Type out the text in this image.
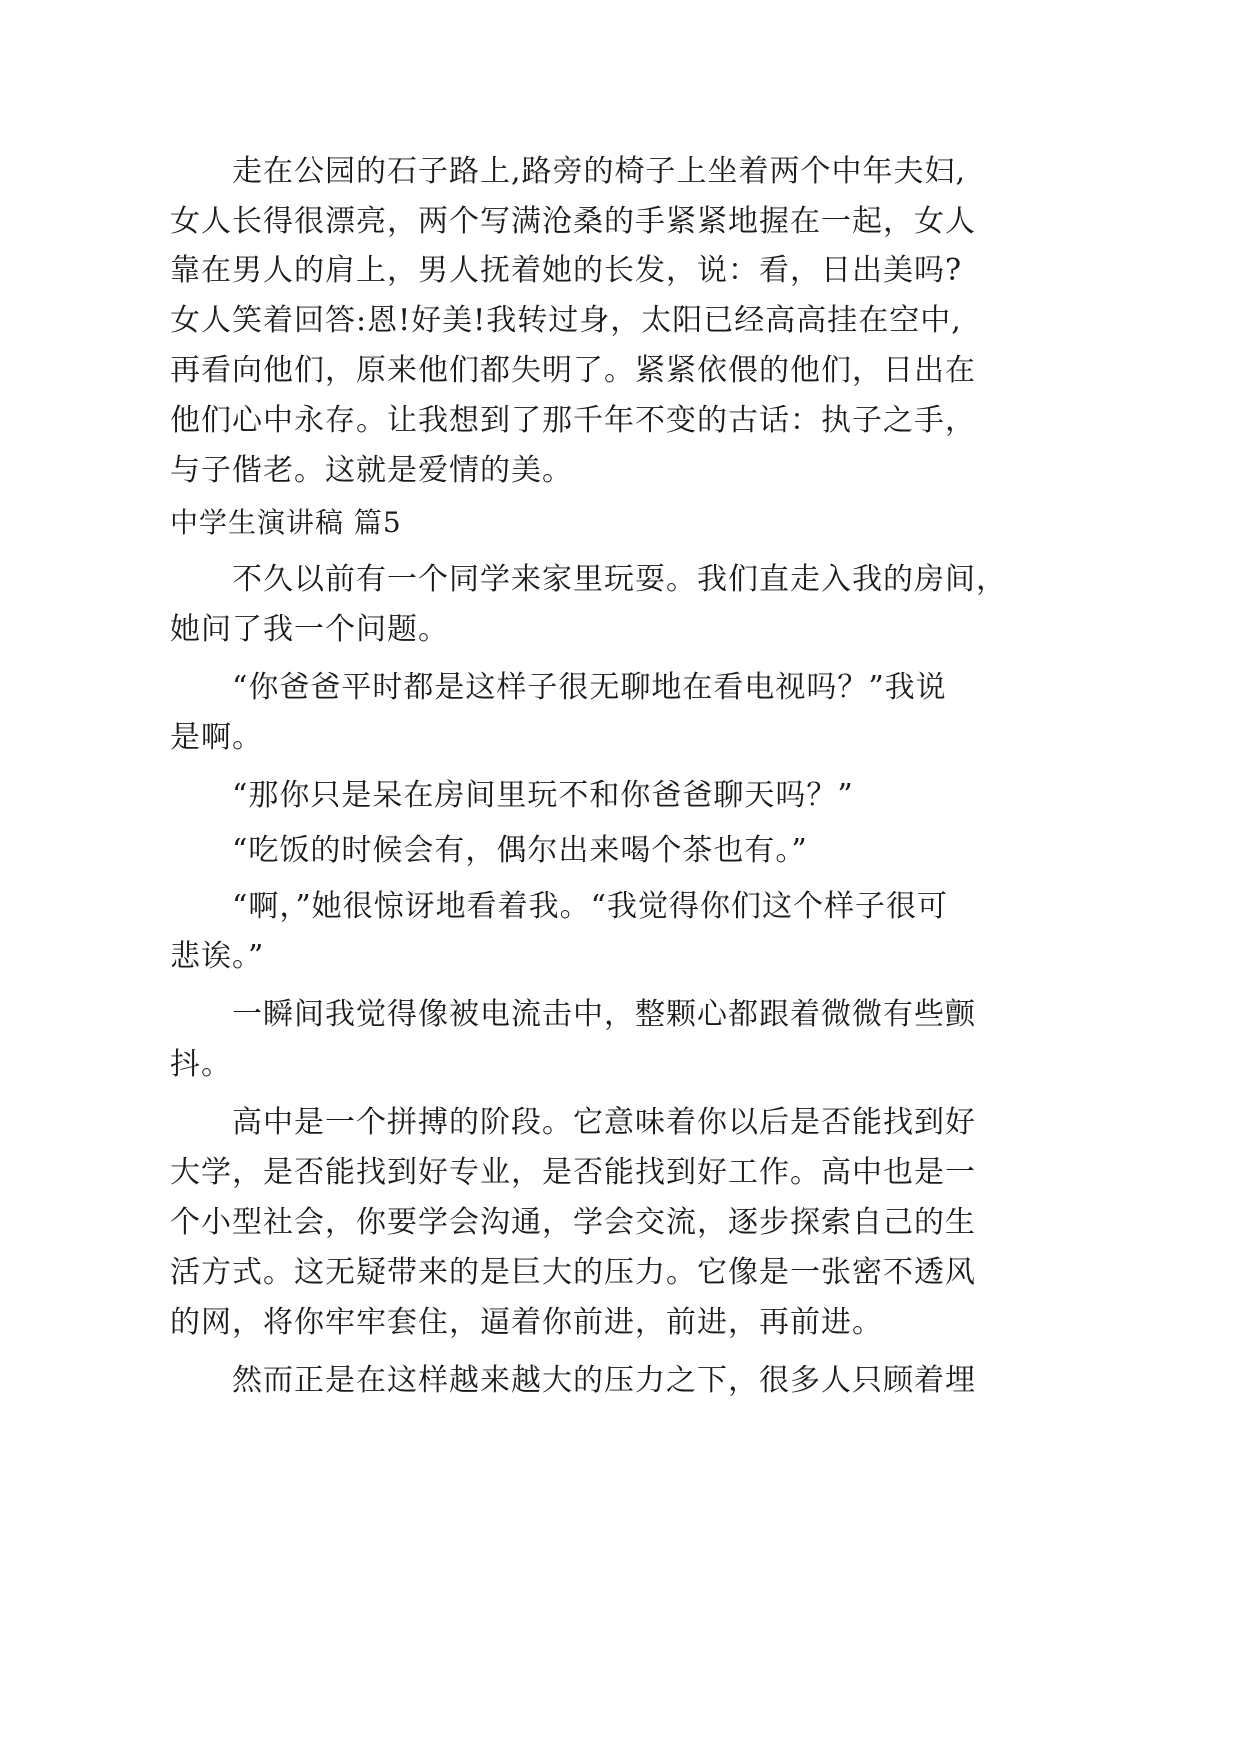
走在公园的石子路上,路旁的椅子上坐着两个中年夫妇,
女人长得很漂亮，两个写满沧桑的手紧紧地握在一起，女人
靠在男人的肩上，男人抚着她的长发，说：看，日出美吗?
女人笑着回答:恩!好美!我转过身，太阳已经高高挂在空中,
再看向他们，原来他们都失明了。紧紧依偎的他们，日出在
他们心中永存。让我想到了那千年不变的古话：执子之手，
与子偕老。这就是爱情的美。
中学生演讲稿 篇5
不久以前有一个同学来家里玩耍。我们直走入我的房间，
她问了我一个问题。
“你爸爸平时都是这样子很无聊地在看电视吗？”我说
是啊。
“那你只是呆在房间里玩不和你爸爸聊天吗？”
“吃饭的时候会有，偶尔出来喝个茶也有。”
“啊，”她很惊讶地看着我。“我觉得你们这个样子很可
悲诶。”
一瞬间我觉得像被电流击中，整颗心都跟着微微有些颤
抖。
高中是一个拼搏的阶段。它意味着你以后是否能找到好
大学，是否能找到好专业，是否能找到好工作。高中也是一
个小型社会，你要学会沟通，学会交流，逐步探索自己的生
活方式。这无疑带来的是巨大的压力。它像是一张密不透风
的网，将你牢牢套住，逼着你前进，前进，再前进。
然而正是在这样越来越大的压力之下，很多人只顾着埋
